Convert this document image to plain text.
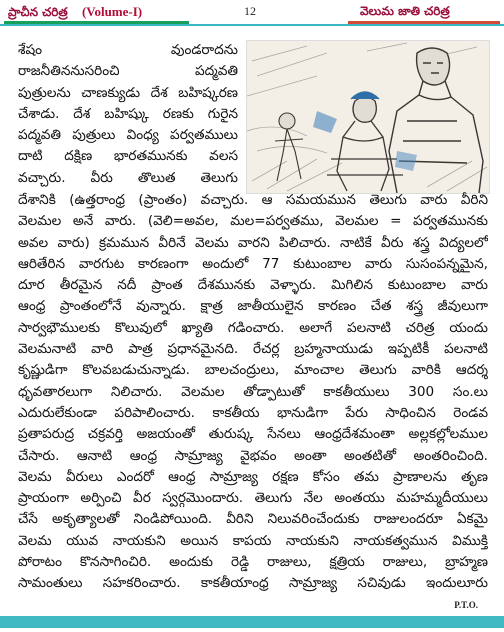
ప్రాచీన చరిత్ర (Volume-I)	12	వెలుమ జాతి చరిత్ర
శేషం వుండరాదను
రాజనీతిననుసరించి పద్మవతి
పుత్రులను చాణక్యుడు దేశ బహిష్కరణ
చేశాడు. దేశ బహిష్కు రణకు గురైన
పద్మవతి పుత్రులు వింధ్య పర్వతములు
దాటి దక్షిణ భారతమునకు వలస
వచ్చారు. వీరు తొలుత తెలుగు
దేశానికి (ఉత్తరాంధ్ర (ప్రాంతం) వచ్చారు. ఆ సమయమున తెలుగు వారు వీరిని
వెలమల అనే వారు. (వెలి=అవల, మల=పర్వతము, వెలమల = పర్వతమునకు
అవల వారు) క్రమమున వీరినే వెలమ వారని పిలిచారు. నాటికే వీరు శస్త్ర విద్యలలో
ఆరితేరిన వారగుట కారణంగా అందులో 77 కుటుంబాల వారు సుసంపన్నమైన,
దూర తీరమైన నదీ ప్రాంత దేశమునకు వెళ్ళారు. మిగిలిన కుటుంబాల వారు
ఆంధ్ర ప్రాంతంలోనే వున్నారు. క్షాత్ర జాతీయులైన కారణం చేత శస్త్ర జీవులుగా
సార్వభౌములకు కొలువులో ఖ్యాతి గడించారు. అలాగే పలనాటి చరిత్ర యందు
వెలమనాటి వారి పాత్ర ప్రధానమైనది. రేచర్ల బ్రహ్మనాయుడు ఇప్పటికీ పలనాటి
కృష్ణుడిగా కొలవబడుచున్నాడు. బాలచంద్రులు, మాంచాల తెలుగు వారికి ఆదర్శ
ధృవతారలుగా నిలిచారు. వెలమల తోడ్పాటుతో కాకతీయులు 300 సం.లు
ఎదురులేకుండా పరిపాలించారు. కాకతీయ భానుడిగా పేరు సాధించిన రెండవ
ప్రతాపరుద్ర చక్రవర్తి అజయంతో తురుష్క సేనలు ఆంధ్రదేశమంతా అల్లకల్లోలముల
చేసారు. ఆనాటి ఆంధ్ర సామ్రాజ్య వైభవం అంతా అంతటితో అంతరించింది.
వెలమ వీరులు ఎందరో ఆంధ్ర సామ్రాజ్య రక్షణ కోసం తమ ప్రాణాలను తృణ
ప్రాయంగా అర్పించి వీర స్వర్గమొందారు. తెలుగు నేల అంతయు మహమ్మదీయులు
చేసే అకృత్యాలతో నిండిపోయింది. వీరిని నిలువరించేందుకు రాజులందరూ ఏకమై
వెలమ యువ నాయకుని అయిన కాపయ నాయకుని నాయకత్వమున విముక్తి
పోరాటం కొనసాగించిరి. అందుకు రెడ్డి రాజులు, క్షత్రియ రాజులు, బ్రాహ్మణ
సామంతులు సహకరించారు. కాకతీయాంధ్ర సామ్రాజ్య సచివుడు ఇందులూరు
P.T.O.
